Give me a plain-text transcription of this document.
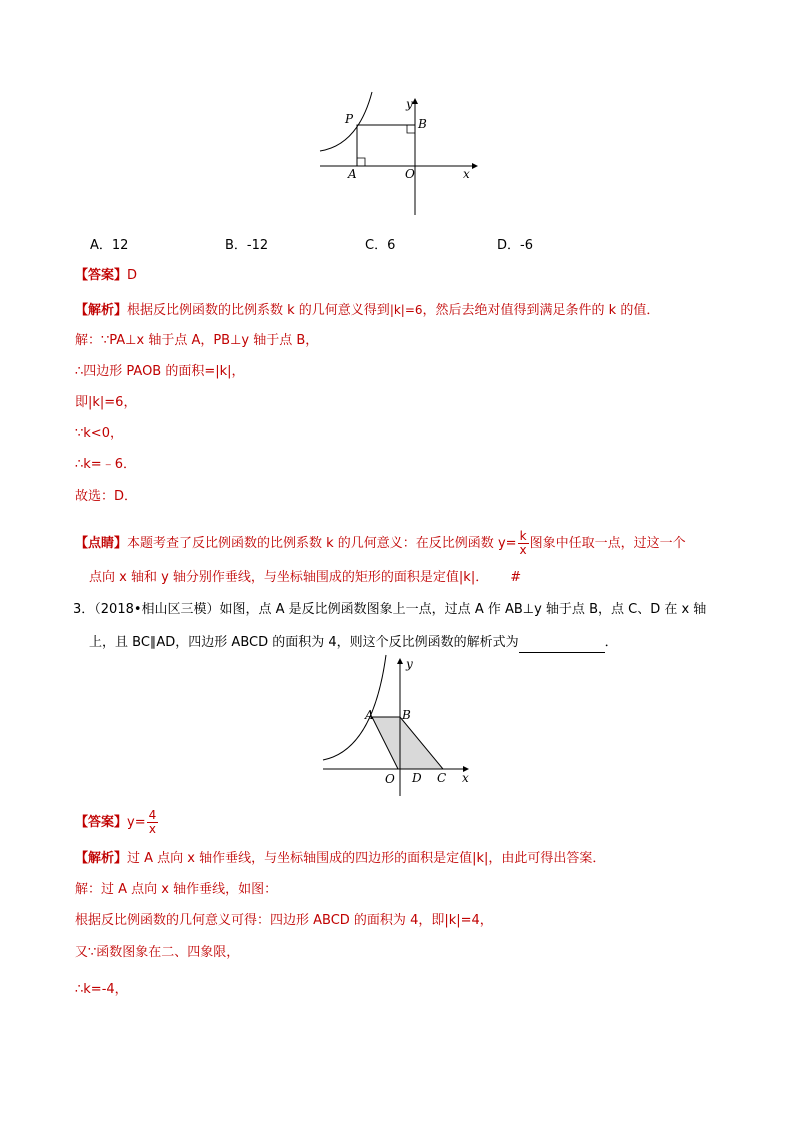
P	B
y
A	O	x
A．12	B．-12	C．6	D．-6
【答案】D
【解析】根据反比例函数的比例系数 k 的几何意义得到|k|=6，然后去绝对值得到满足条件的 k 的值．
解：∵PA⊥x 轴于点 A，PB⊥y 轴于点 B，
∴四边形 PAOB 的面积=|k|，
即|k|=6，
∵k<0，
∴k=﹣6．
故选：D．
【点睛】本题考查了反比例函数的比例系数 k 的几何意义：在反比例函数 $y= \frac{k}{x}$ 图象中任取一点，过这一个
点向 x 轴和 y 轴分别作垂线，与坐标轴围成的矩形的面积是定值|k|． #
3．（2018•相山区三模）如图，点 A 是反比例函数图象上一点，过点 A 作 AB⊥y 轴于点 B，点 C、D 在 x 轴
上，且 BC∥AD，四边形 ABCD 的面积为 4，则这个反比例函数的解析式为	．
y
A B
O D C x
【答案】$y= \frac{4}{x}$
【解析】过 A 点向 x 轴作垂线，与坐标轴围成的四边形的面积是定值|k|，由此可得出答案．
解：过 A 点向 x 轴作垂线，如图：
根据反比例函数的几何意义可得：四边形 ABCD 的面积为 4，即|k|=4，
又∵函数图象在二、四象限，
∴k=-4，
